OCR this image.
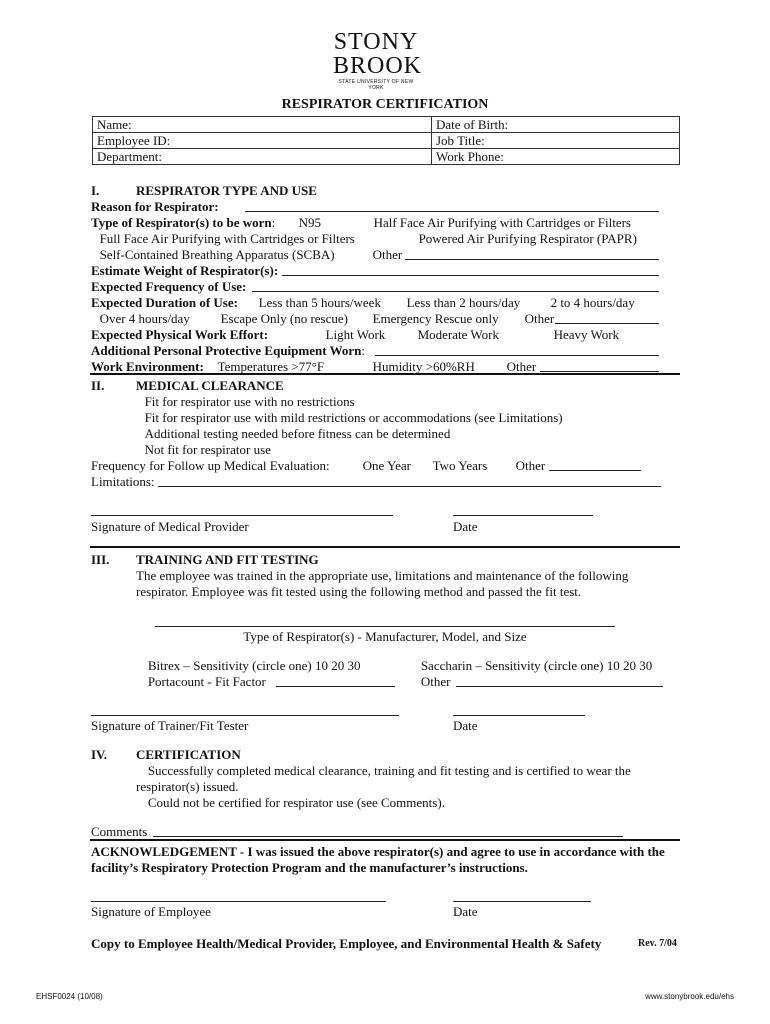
STONY
BROOK
STATE UNIVERSITY OF NEW YORK
RESPIRATOR CERTIFICATION
Name:	Date of Birth:
Employee ID:	Job Title:
Department:	Work Phone:
I.	RESPIRATOR TYPE AND USE
Reason for Respirator:
Type of Respirator(s) to be worn: N95	Half Face Air Purifying with Cartridges or Filters
Full Face Air Purifying with Cartridges or Filters	Powered Air Purifying Respirator (PAPR)
Self-Contained Breathing Apparatus (SCBA)	Other
Estimate Weight of Respirator(s):
Expected Frequency of Use:
Expected Duration of Use: Less than 5 hours/week Less than 2 hours/day 2 to 4 hours/day
Over 4 hours/day Escape Only (no rescue) Emergency Rescue only Other
Expected Physical Work Effort:	Light Work Moderate Work	Heavy Work
Additional Personal Protective Equipment Worn:
Work Environment: Temperatures >77°F	Humidity >60%RH Other
II. MEDICAL CLEARANCE
Fit for respirator use with no restrictions
Fit for respirator use with mild restrictions or accommodations (see Limitations)
Additional testing needed before fitness can be determined
Not fit for respirator use
Frequency for Follow up Medical Evaluation: One Year Two Years Other
Limitations:
Signature of Medical Provider	Date
III. TRAINING AND FIT TESTING
The employee was trained in the appropriate use, limitations and maintenance of the following
respirator. Employee was fit tested using the following method and passed the fit test.
Type of Respirator(s) - Manufacturer, Model, and Size
Bitrex – Sensitivity (circle one) 10 20 30	Saccharin – Sensitivity (circle one) 10 20 30
Portacount - Fit Factor	Other
Signature of Trainer/Fit Tester	Date
IV. CERTIFICATION
Successfully completed medical clearance, training and fit testing and is certified to wear the
respirator(s) issued.
Could not be certified for respirator use (see Comments).
Comments
ACKNOWLEDGEMENT - I was issued the above respirator(s) and agree to use in accordance with the
facility’s Respiratory Protection Program and the manufacturer’s instructions.
Signature of Employee	Date
Copy to Employee Health/Medical Provider, Employee, and Environmental Health & Safety	Rev. 7/04
EHSF0024 (10/08)	www.stonybrook.edu/ehs
